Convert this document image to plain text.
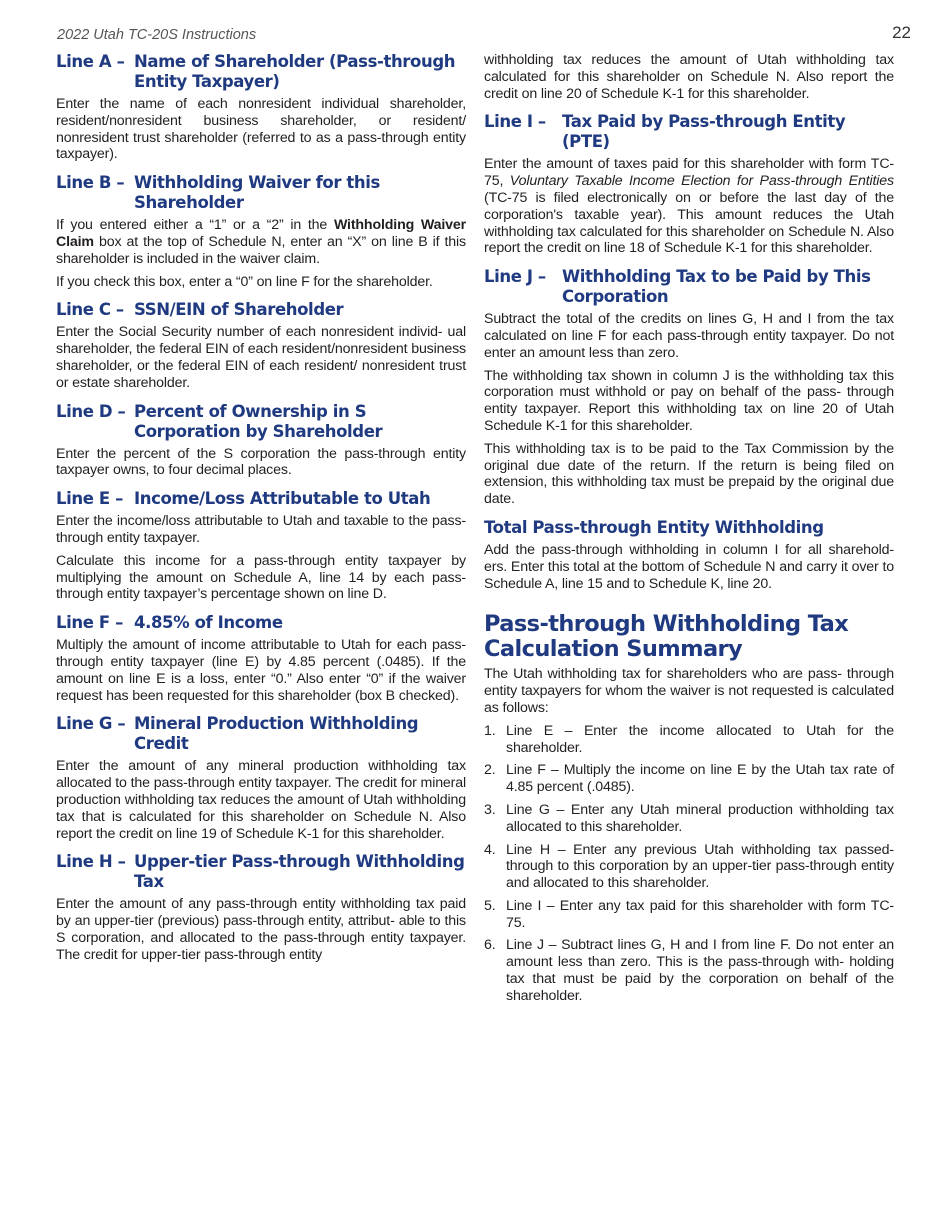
2022 Utah TC-20S Instructions	22
Line A – Name of Shareholder (Pass-through Entity Taxpayer)

Enter the name of each nonresident individual shareholder, resident/nonresident business shareholder, or resident/ nonresident trust shareholder (referred to as a pass-through entity taxpayer).

Line B – Withholding Waiver for this Shareholder

If you entered either a “1” or a “2” in the Withholding Waiver Claim box at the top of Schedule N, enter an “X” on line B if this shareholder is included in the waiver claim.

If you check this box, enter a “0” on line F for the shareholder.

Line C – SSN/EIN of Shareholder

Enter the Social Security number of each nonresident individ- ual shareholder, the federal EIN of each resident/nonresident business shareholder, or the federal EIN of each resident/ nonresident trust or estate shareholder.

Line D – Percent of Ownership in S Corporation by Shareholder

Enter the percent of the S corporation the pass-through entity taxpayer owns, to four decimal places.

Line E – Income/Loss Attributable to Utah

Enter the income/loss attributable to Utah and taxable to the pass-through entity taxpayer.

Calculate this income for a pass-through entity taxpayer by multiplying the amount on Schedule A, line 14 by each pass- through entity taxpayer’s percentage shown on line D.

Line F – 4.85% of Income

Multiply the amount of income attributable to Utah for each pass-through entity taxpayer (line E) by 4.85 percent (.0485). If the amount on line E is a loss, enter “0.” Also enter “0” if the waiver request has been requested for this shareholder (box B checked).

Line G – Mineral Production Withholding Credit

Enter the amount of any mineral production withholding tax allocated to the pass-through entity taxpayer. The credit for mineral production withholding tax reduces the amount of Utah withholding tax that is calculated for this shareholder on Schedule N. Also report the credit on line 19 of Schedule K-1 for this shareholder.

Line H – Upper-tier Pass-through Withholding Tax

Enter the amount of any pass-through entity withholding tax paid by an upper-tier (previous) pass-through entity, attribut- able to this S corporation, and allocated to the pass-through entity taxpayer. The credit for upper-tier pass-through entity

withholding tax reduces the amount of Utah withholding tax calculated for this shareholder on Schedule N. Also report the credit on line 20 of Schedule K-1 for this shareholder.

Line I – Tax Paid by Pass-through Entity (PTE)

Enter the amount of taxes paid for this shareholder with form TC-75, Voluntary Taxable Income Election for Pass-through Entities (TC-75 is filed electronically on or before the last day of the corporation's taxable year). This amount reduces the Utah withholding tax calculated for this shareholder on Schedule N. Also report the credit on line 18 of Schedule K-1 for this shareholder.

Line J – Withholding Tax to be Paid by This Corporation

Subtract the total of the credits on lines G, H and I from the tax calculated on line F for each pass-through entity taxpayer. Do not enter an amount less than zero.

The withholding tax shown in column J is the withholding tax this corporation must withhold or pay on behalf of the pass- through entity taxpayer. Report this withholding tax on line 20 of Utah Schedule K-1 for this shareholder.

This withholding tax is to be paid to the Tax Commission by the original due date of the return. If the return is being filed on extension, this withholding tax must be prepaid by the original due date.

Total Pass-through Entity Withholding

Add the pass-through withholding in column I for all sharehold- ers. Enter this total at the bottom of Schedule N and carry it over to Schedule A, line 15 and to Schedule K, line 20.

Pass-through Withholding Tax Calculation Summary

The Utah withholding tax for shareholders who are pass- through entity taxpayers for whom the waiver is not requested is calculated as follows:

1. Line E – Enter the income allocated to Utah for the shareholder.
2. Line F – Multiply the income on line E by the Utah tax rate of 4.85 percent (.0485).
3. Line G – Enter any Utah mineral production withholding tax allocated to this shareholder.
4. Line H – Enter any previous Utah withholding tax passed- through to this corporation by an upper-tier pass-through entity and allocated to this shareholder.
5. Line I – Enter any tax paid for this shareholder with form TC-75.
6. Line J – Subtract lines G, H and I from line F. Do not enter an amount less than zero. This is the pass-through with- holding tax that must be paid by the corporation on behalf of the shareholder.
